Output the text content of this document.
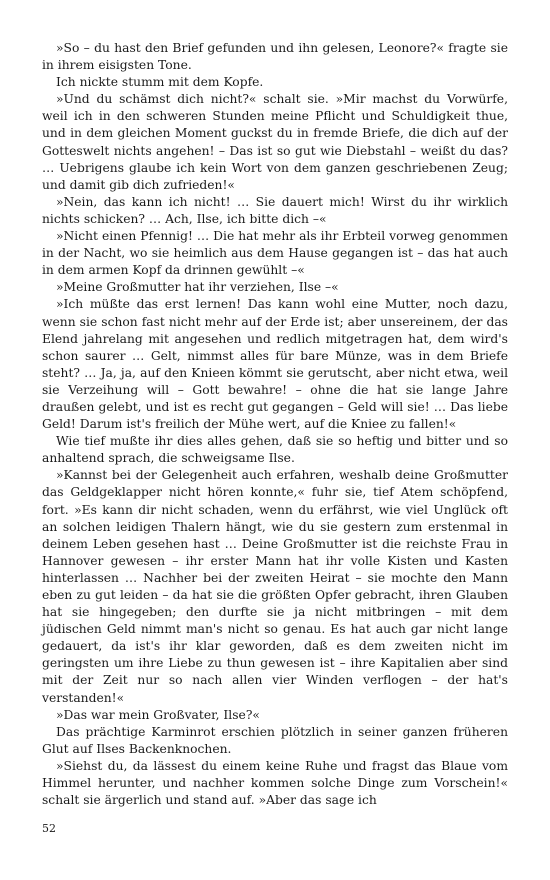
»So – du hast den Brief gefunden und ihn gelesen, Leonore?« fragte sie in ihrem eisigsten Tone.

Ich nickte stumm mit dem Kopfe.

»Und du schämst dich nicht?« schalt sie. »Mir machst du Vorwürfe, weil ich in den schweren Stunden meine Pflicht und Schuldigkeit thue, und in dem gleichen Moment guckst du in fremde Briefe, die dich auf der Gotteswelt nichts angehen! – Das ist so gut wie Diebstahl – weißt du das? … Uebrigens glaube ich kein Wort von dem ganzen geschriebenen Zeug; und damit gib dich zufrieden!«

»Nein, das kann ich nicht! … Sie dauert mich! Wirst du ihr wirklich nichts schicken? … Ach, Ilse, ich bitte dich –«

»Nicht einen Pfennig! … Die hat mehr als ihr Erbteil vorweg genommen in der Nacht, wo sie heimlich aus dem Hause gegangen ist – das hat auch in dem armen Kopf da drinnen gewühlt –«

»Meine Großmutter hat ihr verziehen, Ilse –«

»Ich müßte das erst lernen! Das kann wohl eine Mutter, noch dazu, wenn sie schon fast nicht mehr auf der Erde ist; aber unsereinem, der das Elend jahrelang mit angesehen und redlich mitgetragen hat, dem wird's schon saurer … Gelt, nimmst alles für bare Münze, was in dem Briefe steht? … Ja, ja, auf den Knieen kömmt sie gerutscht, aber nicht etwa, weil sie Verzeihung will – Gott bewahre! – ohne die hat sie lange Jahre draußen gelebt, und ist es recht gut gegangen – Geld will sie! … Das liebe Geld! Darum ist's freilich der Mühe wert, auf die Kniee zu fallen!«

Wie tief mußte ihr dies alles gehen, daß sie so heftig und bitter und so anhaltend sprach, die schweigsame Ilse.

»Kannst bei der Gelegenheit auch erfahren, weshalb deine Großmutter das Geldgeklapper nicht hören konnte,« fuhr sie, tief Atem schöpfend, fort. »Es kann dir nicht schaden, wenn du erfährst, wie viel Unglück oft an solchen leidigen Thalern hängt, wie du sie gestern zum erstenmal in deinem Leben gesehen hast … Deine Großmutter ist die reichste Frau in Hannover gewesen – ihr erster Mann hat ihr volle Kisten und Kasten hinterlassen … Nachher bei der zweiten Heirat – sie mochte den Mann eben zu gut leiden – da hat sie die größten Opfer gebracht, ihren Glauben hat sie hingegeben; den durfte sie ja nicht mitbringen – mit dem jüdischen Geld nimmt man's nicht so genau. Es hat auch gar nicht lange gedauert, da ist's ihr klar geworden, daß es dem zweiten nicht im geringsten um ihre Liebe zu thun gewesen ist – ihre Kapitalien aber sind mit der Zeit nur so nach allen vier Winden verflogen – der hat's verstanden!«

»Das war mein Großvater, Ilse?«

Das prächtige Karminrot erschien plötzlich in seiner ganzen früheren Glut auf Ilses Backenknochen.

»Siehst du, da lässest du einem keine Ruhe und fragst das Blaue vom Himmel herunter, und nachher kommen solche Dinge zum Vorschein!« schalt sie ärgerlich und stand auf. »Aber das sage ich

52
